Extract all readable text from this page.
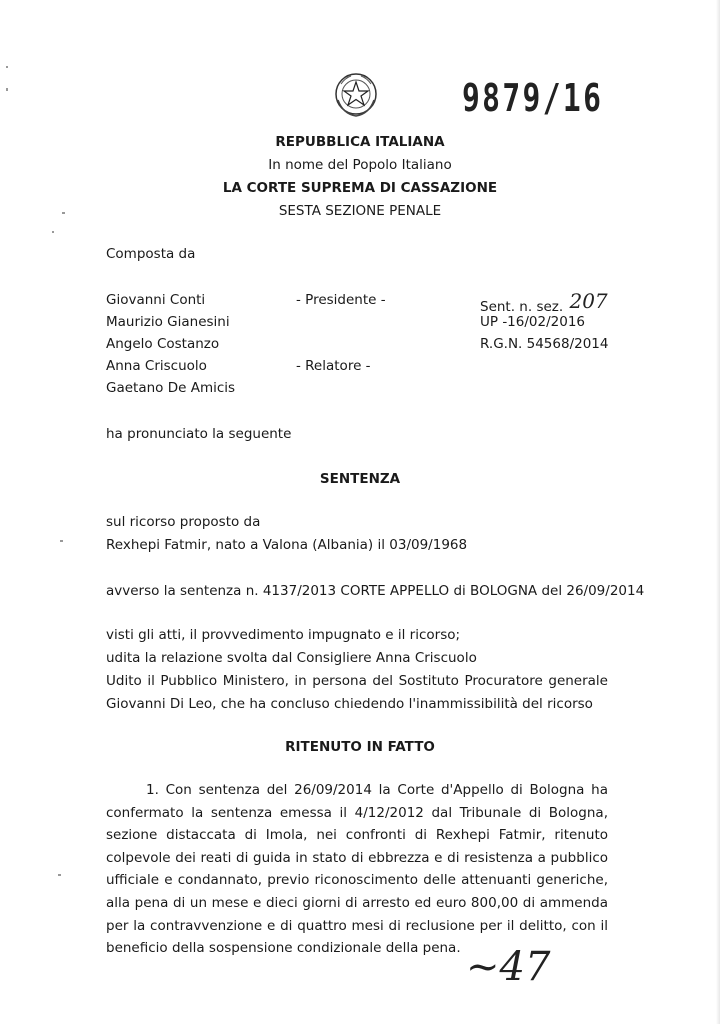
9879/16
REPUBBLICA ITALIANA
In nome del Popolo Italiano
LA CORTE SUPREMA DI CASSAZIONE
SESTA SEZIONE PENALE
Composta da
Giovanni Conti	- Presidente -
Maurizio Gianesini
Angelo Costanzo
Anna Criscuolo	- Relatore -
Gaetano De Amicis
Sent. n. sez. 207
UP -16/02/2016
R.G.N. 54568/2014
ha pronunciato la seguente
SENTENZA
sul ricorso proposto da
Rexhepi Fatmir, nato a Valona (Albania) il 03/09/1968
avverso la sentenza n. 4137/2013 CORTE APPELLO di BOLOGNA del 26/09/2014
visti gli atti, il provvedimento impugnato e il ricorso;
udita la relazione svolta dal Consigliere Anna Criscuolo
Udito il Pubblico Ministero, in persona del Sostituto Procuratore generale
Giovanni Di Leo, che ha concluso chiedendo l'inammissibilità del ricorso
RITENUTO IN FATTO
1. Con sentenza del 26/09/2014 la Corte d'Appello di Bologna ha confermato la sentenza emessa il 4/12/2012 dal Tribunale di Bologna, sezione distaccata di Imola, nei confronti di Rexhepi Fatmir, ritenuto colpevole dei reati di guida in stato di ebbrezza e di resistenza a pubblico ufficiale e condannato, previo riconoscimento delle attenuanti generiche, alla pena di un mese e dieci giorni di arresto ed euro 800,00 di ammenda per la contravvenzione e di quattro mesi di reclusione per il delitto, con il beneficio della sospensione condizionale della pena. ~47
